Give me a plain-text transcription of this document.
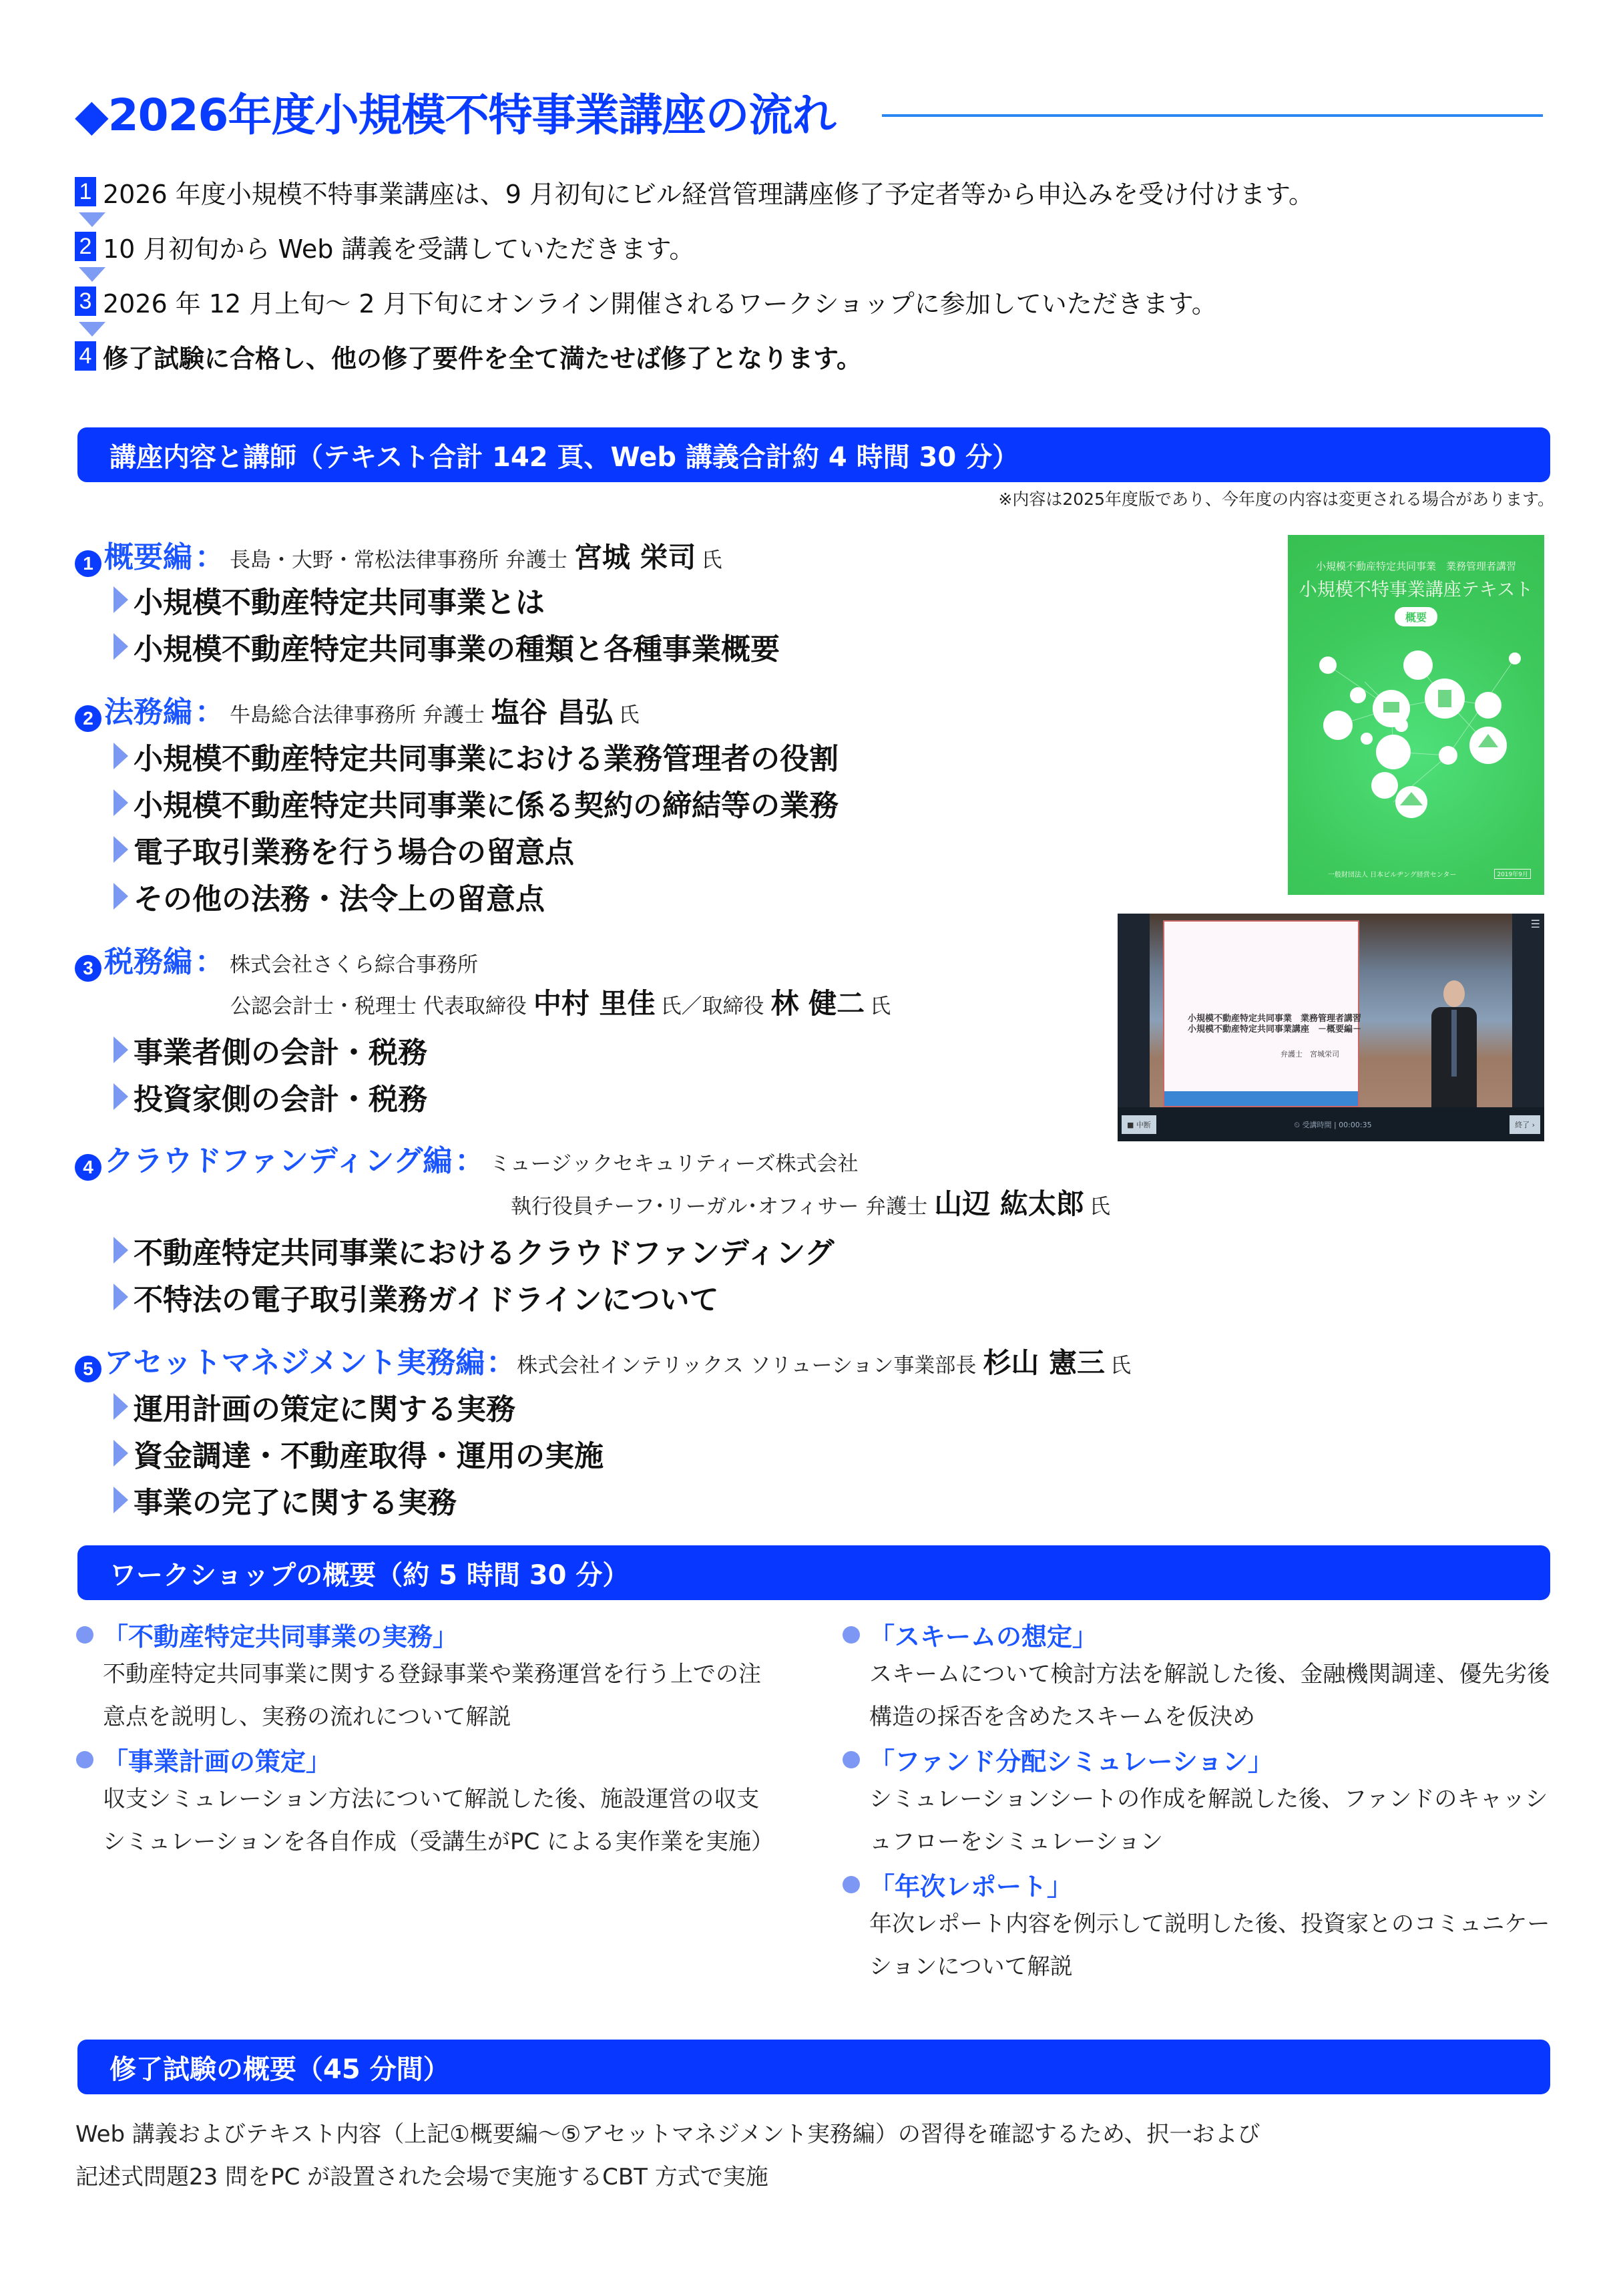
◆2026年度小規模不特事業講座の流れ
1 2026 年度小規模不特事業講座は、9 月初旬にビル経営管理講座修了予定者等から申込みを受け付けます。
2 10 月初旬から Web 講義を受講していただきます。
3 2026 年 12 月上旬～ 2 月下旬にオンライン開催されるワークショップに参加していただきます。
4 修了試験に合格し、他の修了要件を全て満たせば修了となります。
講座内容と講師（テキスト合計 142 頁、Web 講義合計約 4 時間 30 分）
※内容は2025年度版であり、今年度の内容は変更される場合があります。
1 概要編 ： 長島・大野・常松法律事務所 弁護士 宮城 栄司 氏
小規模不動産特定共同事業とは
小規模不動産特定共同事業の種類と各種事業概要
2 法務編 ： 牛島総合法律事務所 弁護士 塩谷 昌弘 氏
小規模不動産特定共同事業における業務管理者の役割
小規模不動産特定共同事業に係る契約の締結等の業務
電子取引業務を行う場合の留意点
その他の法務・法令上の留意点
3 税務編 ： 株式会社さくら綜合事務所
公認会計士・税理士 代表取締役 中村 里佳 氏／取締役 林 健二 氏
事業者側の会計・税務
投資家側の会計・税務
4 クラウドファンディング編 ： ミュージックセキュリティーズ株式会社
執行役員チーフ･リーガル･オフィサー 弁護士 山辺 紘太郎 氏
不動産特定共同事業におけるクラウドファンディング
不特法の電子取引業務ガイドラインについて
5 アセットマネジメント実務編 ： 株式会社インテリックス ソリューション事業部長 杉山 憲三 氏
運用計画の策定に関する実務
資金調達・不動産取得・運用の実施
事業の完了に関する実務
小規模不動産特定共同事業　業務管理者講習
小規模不特事業講座テキスト
概要
一般財団法人 日本ビルヂング経営センター	2019年9月
小規模不動産特定共同事業　業務管理者講習
小規模不動産特定共同事業講座　－概要編－
弁護士　宮城栄司
■ 中断	⏲ 受講時間 | 00:00:35	終了 ›
☰
ワークショップの概要（約 5 時間 30 分）
「不動産特定共同事業の実務」
不動産特定共同事業に関する登録事業や業務運営を行う上での注意点を説明し、実務の流れについて解説
「事業計画の策定」
収支シミュレーション方法について解説した後、施設運営の収支シミュレーションを各自作成（受講生がPC による実作業を実施）
「スキームの想定」
スキームについて検討方法を解説した後、金融機関調達、優先劣後構造の採否を含めたスキームを仮決め
「ファンド分配シミュレーション」
シミュレーションシートの作成を解説した後、ファンドのキャッシュフローをシミュレーション
「年次レポート」
年次レポート内容を例示して説明した後、投資家とのコミュニケーションについて解説
修了試験の概要（45 分間）
Web 講義およびテキスト内容（上記①概要編～⑤アセットマネジメント実務編）の習得を確認するため、択一および
記述式問題23 問をPC が設置された会場で実施するCBT 方式で実施
